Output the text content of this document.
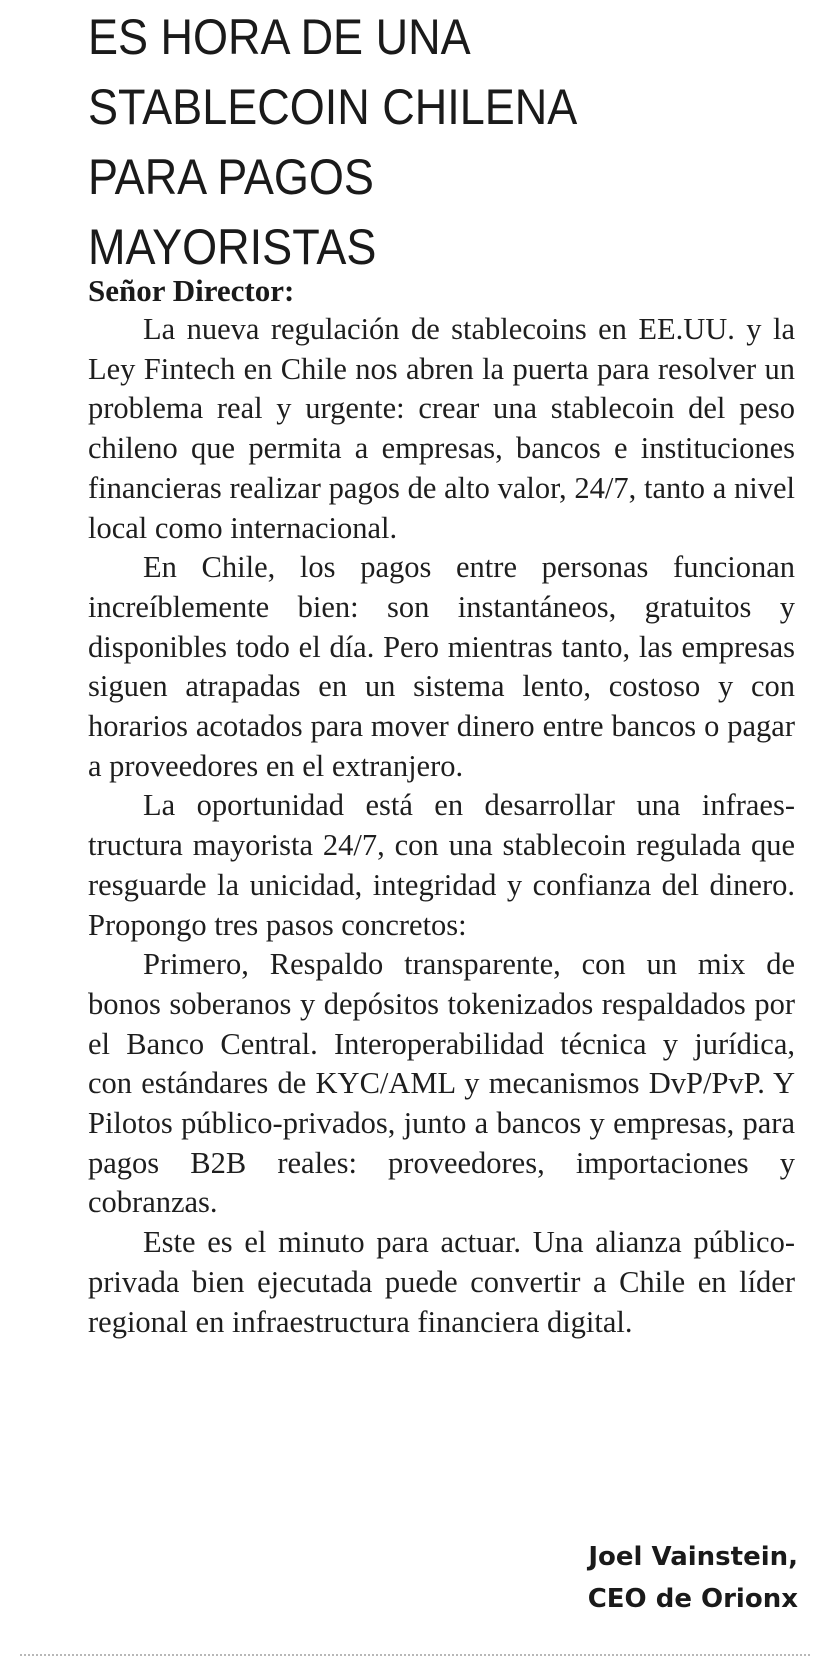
ES HORA DE UNA
STABLECOIN CHILENA
PARA PAGOS
MAYORISTAS
Señor Director:

La nueva regulación de stablecoins en EE.UU. y la Ley Fintech en Chile nos abren la puerta para resolver un problema real y urgente: crear una stablecoin del peso chileno que permita a empresas, bancos e instituciones financieras realizar pagos de alto valor, 24/7, tanto a nivel local como internacional.

En Chile, los pagos entre personas funcionan increíblemente bien: son instantáneos, gratuitos y disponibles todo el día. Pero mientras tanto, las empresas siguen atrapadas en un sistema lento, costoso y con horarios acotados para mover dinero entre bancos o pagar a proveedores en el extranjero.

La oportunidad está en desarrollar una infraestructura mayorista 24/7, con una stablecoin regulada que resguarde la unicidad, integridad y confianza del dinero. Propongo tres pasos concretos:

Primero, Respaldo transparente, con un mix de bonos soberanos y depósitos tokenizados respaldados por el Banco Central. Interoperabilidad técnica y jurídica, con estándares de KYC/AML y mecanismos DvP/PvP. Y Pilotos público-privados, junto a bancos y empresas, para pagos B2B reales: proveedores, importaciones y cobranzas.

Este es el minuto para actuar. Una alianza público-privada bien ejecutada puede convertir a Chile en líder regional en infraestructura financiera digital.

Joel Vainstein,
CEO de Orionx
